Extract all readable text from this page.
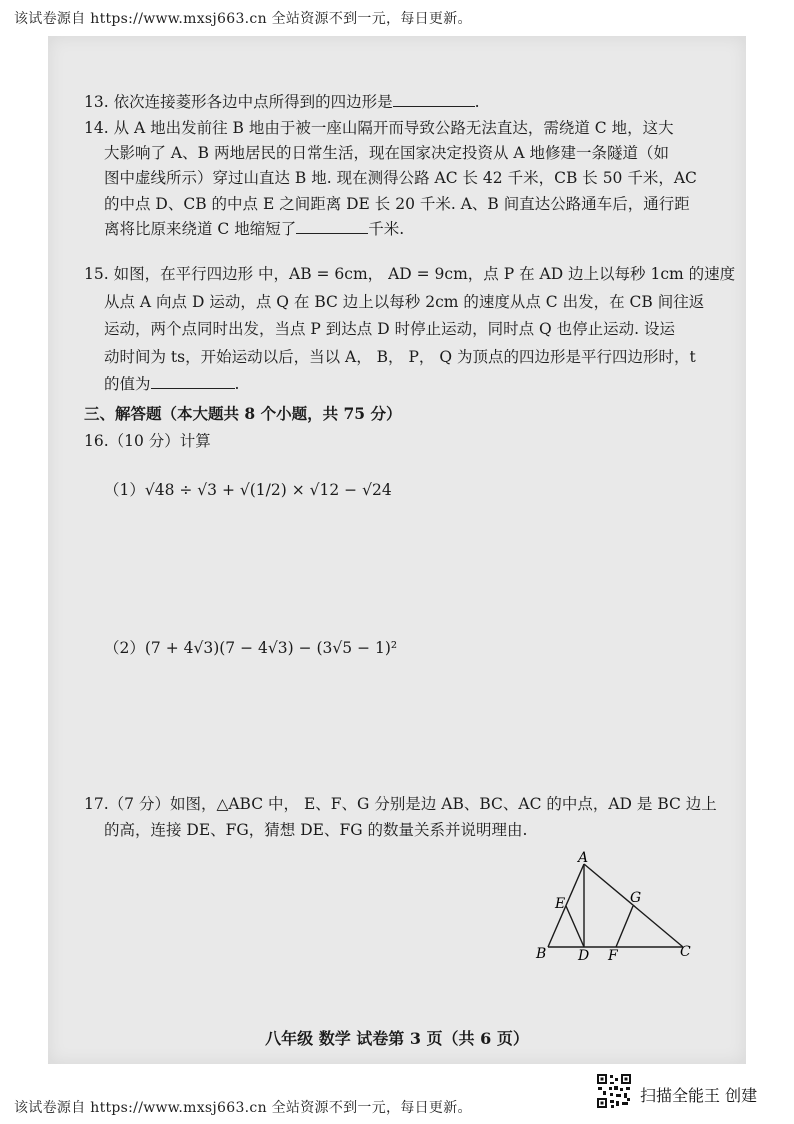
该试卷源自 https://www.mxsj663.cn 全站资源不到一元，每日更新。
13. 依次连接菱形各边中点所得到的四边形是	.
14. 从 A 地出发前往 B 地由于被一座山隔开而导致公路无法直达，需绕道 C 地，这大
大影响了 A、B 两地居民的日常生活，现在国家决定投资从 A 地修建一条隧道（如
图中虚线所示）穿过山直达 B 地. 现在测得公路 AC 长 42 千米，CB 长 50 千米，AC
的中点 D、CB 的中点 E 之间距离 DE 长 20 千米. A、B 间直达公路通车后，通行距
离将比原来绕道 C 地缩短了	千米.
15. 如图，在平行四边形 中，AB = 6cm， AD = 9cm，点 P 在 AD 边上以每秒 1cm 的速度
从点 A 向点 D 运动，点 Q 在 BC 边上以每秒 2cm 的速度从点 C 出发，在 CB 间往返
运动，两个点同时出发，当点 P 到达点 D 时停止运动，同时点 Q 也停止运动. 设运
动时间为 ts，开始运动以后，当以 A， B， P， Q 为顶点的四边形是平行四边形时，t
的值为	.
三、解答题（本大题共 8 个小题，共 75 分）
16.（10 分）计算
（1）√48 ÷ √3 + √(1/2) × √12 − √24
（2）(7 + 4√3)(7 − 4√3) − (3√5 − 1)²
17.（7 分）如图，△ABC 中， E、F、G 分别是边 AB、BC、AC 的中点，AD 是 BC 边上
的高，连接 DE、FG，猜想 DE、FG 的数量关系并说明理由.
八年级 数学 试卷第 3 页（共 6 页）
A
B	C
D
E
F
G
该试卷源自 https://www.mxsj663.cn 全站资源不到一元，每日更新。
扫描全能王 创建
